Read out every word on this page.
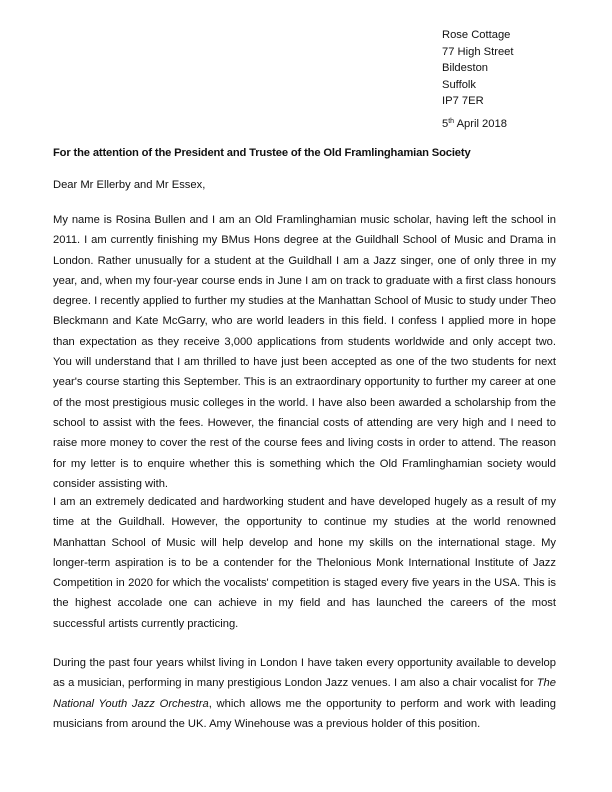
Rose Cottage
77 High Street
Bildeston
Suffolk
IP7 7ER
5th April 2018
For the attention of the President and Trustee of the Old Framlinghamian Society
Dear Mr Ellerby and Mr Essex,
My name is Rosina Bullen and I am an Old Framlinghamian music scholar, having left the school in 2011. I am currently finishing my BMus Hons degree at the Guildhall School of Music and Drama in London. Rather unusually for a student at the Guildhall I am a Jazz singer, one of only three in my year, and, when my four-year course ends in June I am on track to graduate with a first class honours degree. I recently applied to further my studies at the Manhattan School of Music to study under Theo Bleckmann and Kate McGarry, who are world leaders in this field. I confess I applied more in hope than expectation as they receive 3,000 applications from students worldwide and only accept two. You will understand that I am thrilled to have just been accepted as one of the two students for next year's course starting this September. This is an extraordinary opportunity to further my career at one of the most prestigious music colleges in the world. I have also been awarded a scholarship from the school to assist with the fees. However, the financial costs of attending are very high and I need to raise more money to cover the rest of the course fees and living costs in order to attend. The reason for my letter is to enquire whether this is something which the Old Framlinghamian society would consider assisting with.
I am an extremely dedicated and hardworking student and have developed hugely as a result of my time at the Guildhall. However, the opportunity to continue my studies at the world renowned Manhattan School of Music will help develop and hone my skills on the international stage. My longer-term aspiration is to be a contender for the Thelonious Monk International Institute of Jazz Competition in 2020 for which the vocalists' competition is staged every five years in the USA. This is the highest accolade one can achieve in my field and has launched the careers of the most successful artists currently practicing.
During the past four years whilst living in London I have taken every opportunity available to develop as a musician, performing in many prestigious London Jazz venues. I am also a chair vocalist for The National Youth Jazz Orchestra, which allows me the opportunity to perform and work with leading musicians from around the UK. Amy Winehouse was a previous holder of this position.
